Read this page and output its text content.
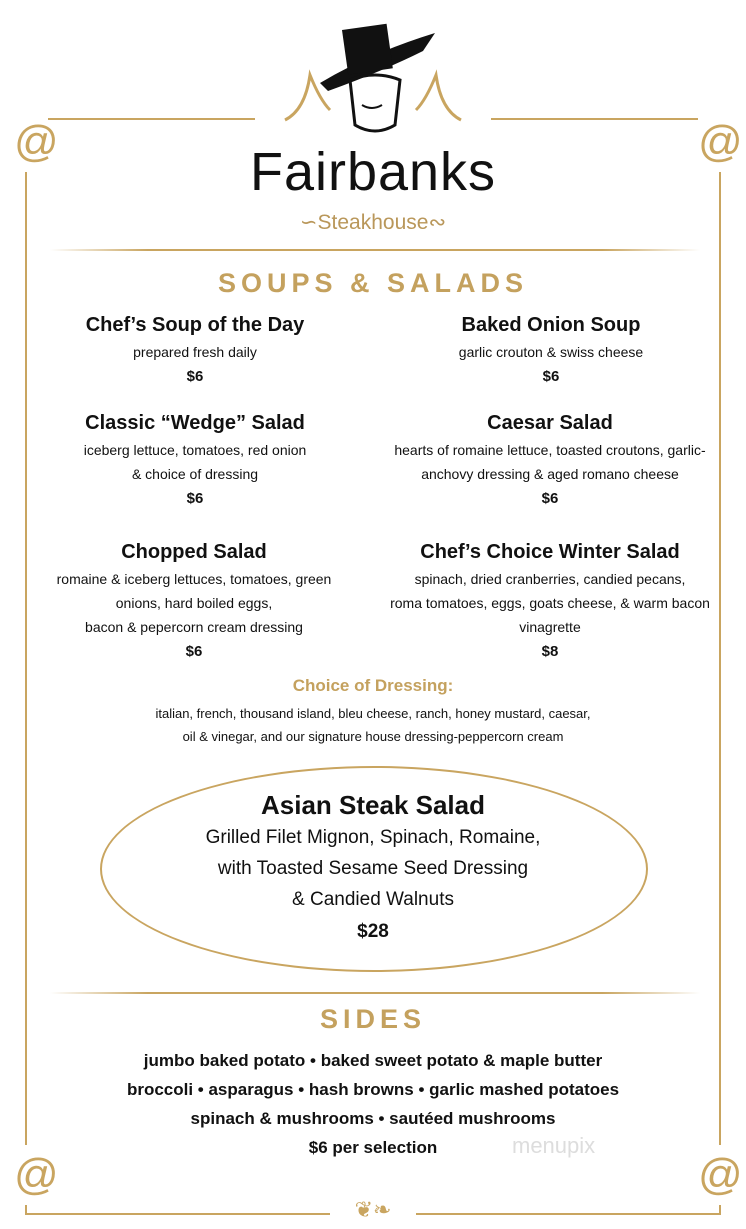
@	@
@	@
❦❧
Fairbanks
∽Steakhouse∾
SOUPS & SALADS
Chef’s Soup of the Day
prepared fresh daily
$6
Baked Onion Soup
garlic crouton & swiss cheese
$6
Classic “Wedge” Salad
iceberg lettuce, tomatoes, red onion
& choice of dressing
$6
Caesar Salad
hearts of romaine lettuce, toasted croutons, garlic-
anchovy dressing & aged romano cheese
$6
Chopped Salad
romaine & iceberg lettuces, tomatoes, green
onions, hard boiled eggs,
bacon & pepercorn cream dressing
$6
Chef’s Choice Winter Salad
spinach, dried cranberries, candied pecans,
roma tomatoes, eggs, goats cheese, & warm bacon
vinagrette
$8
Choice of Dressing:
italian, french, thousand island, bleu cheese, ranch, honey mustard, caesar,
oil & vinegar, and our signature house dressing-peppercorn cream
Asian Steak Salad
Grilled Filet Mignon, Spinach, Romaine,
with Toasted Sesame Seed Dressing
& Candied Walnuts
$28
SIDES
jumbo baked potato • baked sweet potato & maple butter
broccoli • asparagus • hash browns • garlic mashed potatoes
spinach & mushrooms • sautéed mushrooms
$6 per selection	menupix
